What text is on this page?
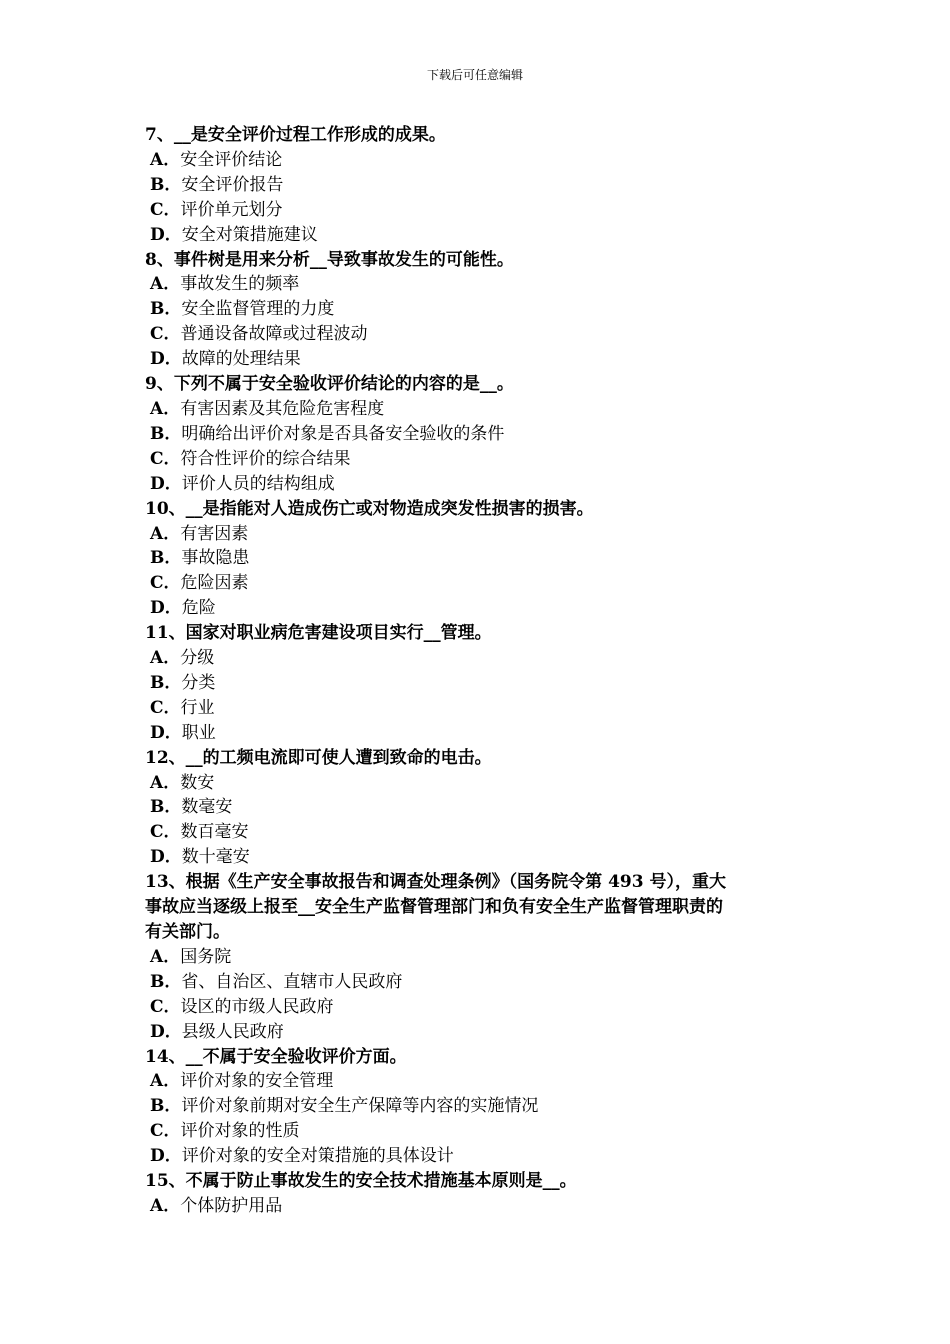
下载后可任意编辑
7、__是安全评价过程工作形成的成果。
A．安全评价结论
B．安全评价报告
C．评价单元划分
D．安全对策措施建议
8、事件树是用来分析__导致事故发生的可能性。
A．事故发生的频率
B．安全监督管理的力度
C．普通设备故障或过程波动
D．故障的处理结果
9、下列不属于安全验收评价结论的内容的是__。
A．有害因素及其危险危害程度
B．明确给出评价对象是否具备安全验收的条件
C．符合性评价的综合结果
D．评价人员的结构组成
10、__是指能对人造成伤亡或对物造成突发性损害的损害。
A．有害因素
B．事故隐患
C．危险因素
D．危险
11、国家对职业病危害建设项目实行__管理。
A．分级
B．分类
C．行业
D．职业
12、__的工频电流即可使人遭到致命的电击。
A．数安
B．数毫安
C．数百毫安
D．数十毫安
13、根据《生产安全事故报告和调查处理条例》（国务院令第 493 号），重大
事故应当逐级上报至__安全生产监督管理部门和负有安全生产监督管理职责的
有关部门。
A．国务院
B．省、自治区、直辖市人民政府
C．设区的市级人民政府
D．县级人民政府
14、__不属于安全验收评价方面。
A．评价对象的安全管理
B．评价对象前期对安全生产保障等内容的实施情况
C．评价对象的性质
D．评价对象的安全对策措施的具体设计
15、不属于防止事故发生的安全技术措施基本原则是__。
A．个体防护用品
